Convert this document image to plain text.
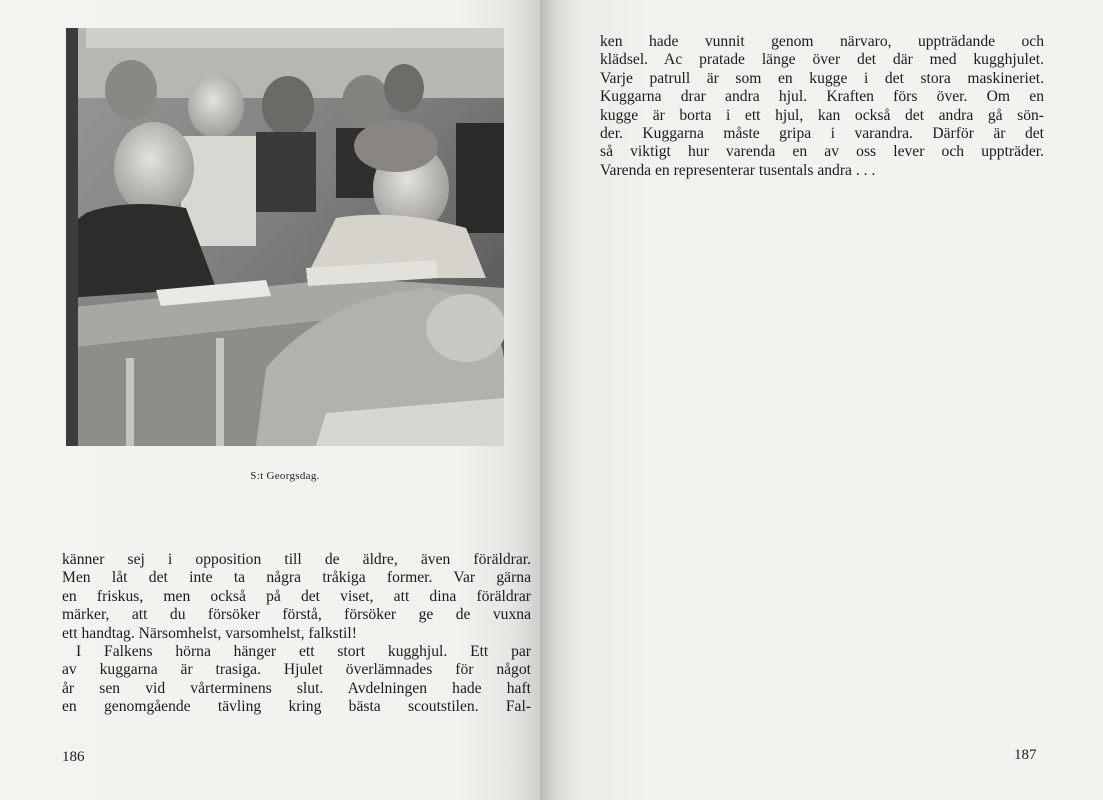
S:t Georgsdag.
känner sej i opposition till de äldre, även föräldrar.
Men låt det inte ta några tråkiga former. Var gärna
en friskus, men också på det viset, att dina föräldrar
märker, att du försöker förstå, försöker ge de vuxna
ett handtag. Närsomhelst, varsomhelst, falkstil!
I Falkens hörna hänger ett stort kugghjul. Ett par
av kuggarna är trasiga. Hjulet överlämnades för något
år sen vid vårterminens slut. Avdelningen hade haft
en genomgående tävling kring bästa scoutstilen. Fal-
186
ken hade vunnit genom närvaro, uppträdande och
klädsel. Ac pratade länge över det där med kugghjulet.
Varje patrull är som en kugge i det stora maskineriet.
Kuggarna drar andra hjul. Kraften förs över. Om en
kugge är borta i ett hjul, kan också det andra gå sön-
der. Kuggarna måste gripa i varandra. Därför är det
så viktigt hur varenda en av oss lever och uppträder.
Varenda en representerar tusentals andra . . .
187
